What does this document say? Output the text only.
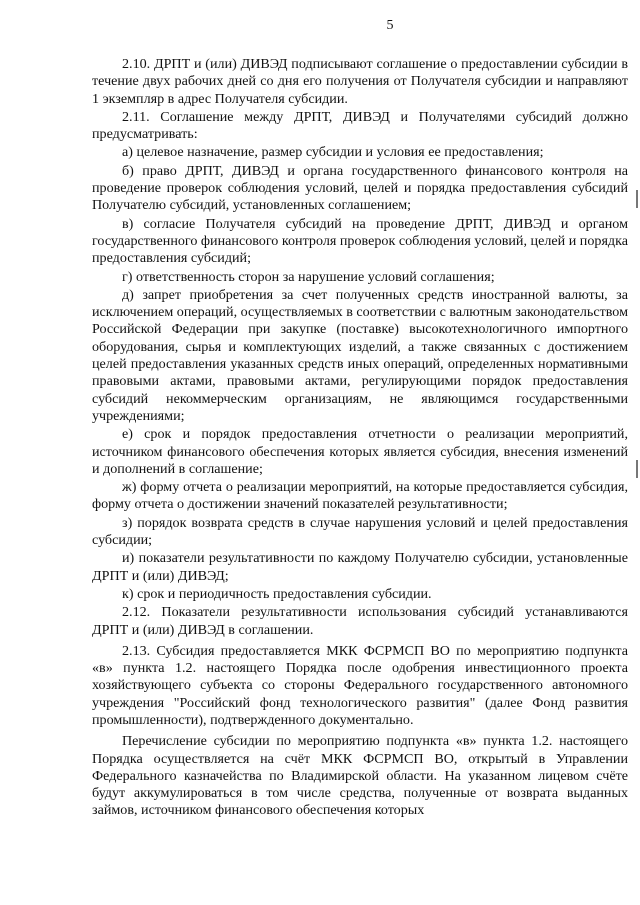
5

2.10. ДРПТ и (или) ДИВЭД подписывают соглашение о предоставлении субсидии в течение двух рабочих дней со дня его получения от Получателя субсидии и направляют 1 экземпляр в адрес Получателя субсидии.

2.11. Соглашение между ДРПТ, ДИВЭД и Получателями субсидий должно предусматривать:

а) целевое назначение, размер субсидии и условия ее предоставления;

б) право ДРПТ, ДИВЭД и органа государственного финансового контроля на проведение проверок соблюдения условий, целей и порядка предоставления субсидий Получателю субсидий, установленных соглашением;

в) согласие Получателя субсидий на проведение ДРПТ, ДИВЭД и органом государственного финансового контроля проверок соблюдения условий, целей и порядка предоставления субсидий;

г) ответственность сторон за нарушение условий соглашения;

д) запрет приобретения за счет полученных средств иностранной валюты, за исключением операций, осуществляемых в соответствии с валютным законодательством Российской Федерации при закупке (поставке) высокотехнологичного импортного оборудования, сырья и комплектующих изделий, а также связанных с достижением целей предоставления указанных средств иных операций, определенных нормативными правовыми актами, правовыми актами, регулирующими порядок предоставления субсидий некоммерческим организациям, не являющимся государственными учреждениями;

е) срок и порядок предоставления отчетности о реализации мероприятий, источником финансового обеспечения которых является субсидия, внесения изменений и дополнений в соглашение;

ж) форму отчета о реализации мероприятий, на которые предоставляется субсидия, форму отчета о достижении значений показателей результативности;

з) порядок возврата средств в случае нарушения условий и целей предоставления субсидии;

и) показатели результативности по каждому Получателю субсидии, установленные ДРПТ и (или) ДИВЭД;

к) срок и периодичность предоставления субсидии.

2.12. Показатели результативности использования субсидий устанавливаются ДРПТ и (или) ДИВЭД в соглашении.

2.13. Субсидия предоставляется МКК ФСРМСП ВО по мероприятию подпункта «в» пункта 1.2. настоящего Порядка после одобрения инвестиционного проекта хозяйствующего субъекта со стороны Федерального государственного автономного учреждения "Российский фонд технологического развития" (далее Фонд развития промышленности), подтвержденного документально.

Перечисление субсидии по мероприятию подпункта «в» пункта 1.2. настоящего Порядка осуществляется на счёт МКК ФСРМСП ВО, открытый в Управлении Федерального казначейства по Владимирской области. На указанном лицевом счёте будут аккумулироваться в том числе средства, полученные от возврата выданных займов, источником финансового обеспечения которых
